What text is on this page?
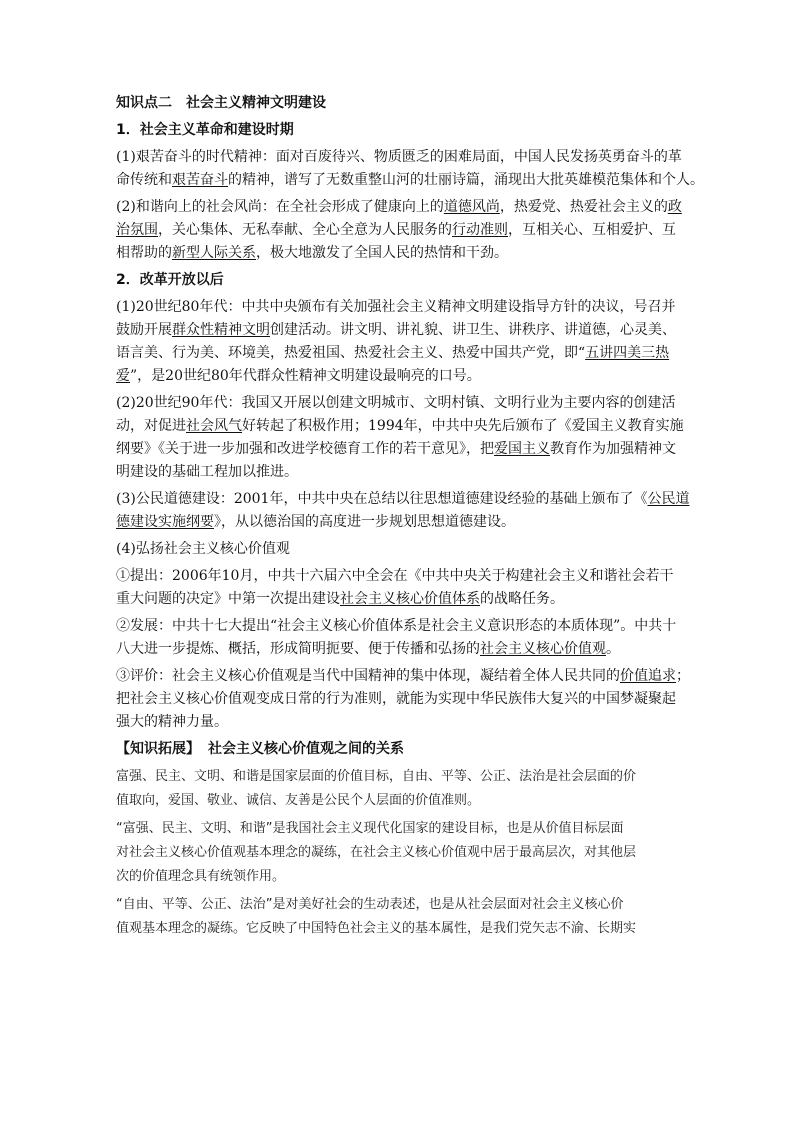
知识点二 社会主义精神文明建设
1．社会主义革命和建设时期
(1)艰苦奋斗的时代精神：面对百废待兴、物质匮乏的困难局面，中国人民发扬英勇奋斗的革
命传统和艰苦奋斗的精神，谱写了无数重整山河的壮丽诗篇，涌现出大批英雄模范集体和个人。
(2)和谐向上的社会风尚：在全社会形成了健康向上的道德风尚，热爱党、热爱社会主义的政
治氛围，关心集体、无私奉献、全心全意为人民服务的行动准则，互相关心、互相爱护、互
相帮助的新型人际关系，极大地激发了全国人民的热情和干劲。
2．改革开放以后
(1)20世纪80年代：中共中央颁布有关加强社会主义精神文明建设指导方针的决议，号召并
鼓励开展群众性精神文明创建活动。讲文明、讲礼貌、讲卫生、讲秩序、讲道德，心灵美、
语言美、行为美、环境美，热爱祖国、热爱社会主义、热爱中国共产党，即“五讲四美三热
爱”，是20世纪80年代群众性精神文明建设最响亮的口号。
(2)20世纪90年代：我国又开展以创建文明城市、文明村镇、文明行业为主要内容的创建活
动，对促进社会风气好转起了积极作用；1994年，中共中央先后颁布了《爱国主义教育实施
纲要》《关于进一步加强和改进学校德育工作的若干意见》，把爱国主义教育作为加强精神文
明建设的基础工程加以推进。
(3)公民道德建设：2001年，中共中央在总结以往思想道德建设经验的基础上颁布了《公民道
德建设实施纲要》，从以德治国的高度进一步规划思想道德建设。
(4)弘扬社会主义核心价值观
①提出：2006年10月，中共十六届六中全会在《中共中央关于构建社会主义和谐社会若干
重大问题的决定》中第一次提出建设社会主义核心价值体系的战略任务。
②发展：中共十七大提出“社会主义核心价值体系是社会主义意识形态的本质体现”。中共十
八大进一步提炼、概括，形成简明扼要、便于传播和弘扬的社会主义核心价值观。
③评价：社会主义核心价值观是当代中国精神的集中体现，凝结着全体人民共同的价值追求；
把社会主义核心价值观变成日常的行为准则，就能为实现中华民族伟大复兴的中国梦凝聚起
强大的精神力量。
【知识拓展】 社会主义核心价值观之间的关系
富强、民主、文明、和谐是国家层面的价值目标，自由、平等、公正、法治是社会层面的价
值取向，爱国、敬业、诚信、友善是公民个人层面的价值准则。
“富强、民主、文明、和谐”是我国社会主义现代化国家的建设目标，也是从价值目标层面
对社会主义核心价值观基本理念的凝练，在社会主义核心价值观中居于最高层次，对其他层
次的价值理念具有统领作用。
“自由、平等、公正、法治”是对美好社会的生动表述，也是从社会层面对社会主义核心价
值观基本理念的凝练。它反映了中国特色社会主义的基本属性，是我们党矢志不渝、长期实
